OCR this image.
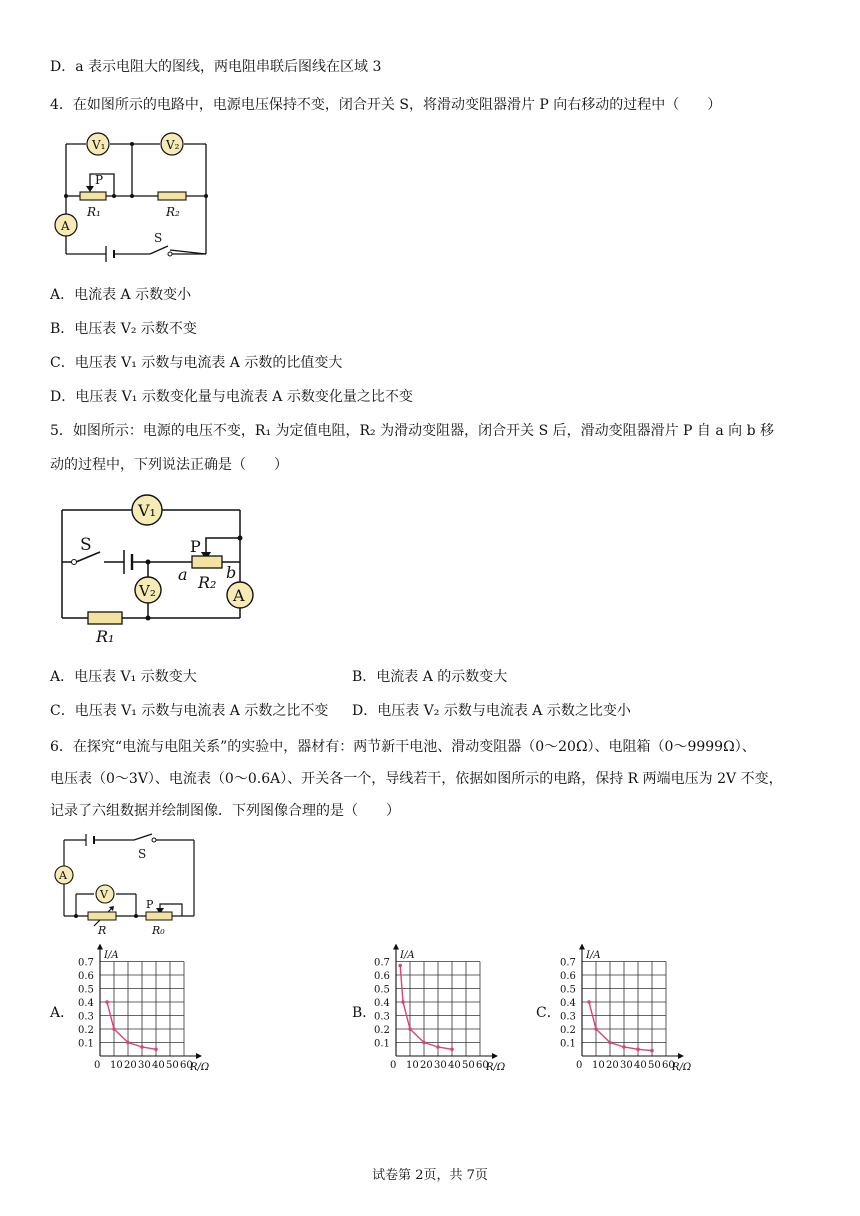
D．a 表示电阻大的图线，两电阻串联后图线在区域 3
4．在如图所示的电路中，电源电压保持不变，闭合开关 S，将滑动变阻器滑片 P 向右移动的过程中（　　）
V₁	V₂
A
P
R₁	R₂
S
A．电流表 A 示数变小
B．电压表 V₂ 示数不变
C．电压表 V₁ 示数与电流表 A 示数的比值变大
D．电压表 V₁ 示数变化量与电流表 A 示数变化量之比不变
5．如图所示：电源的电压不变，R₁ 为定值电阻，R₂ 为滑动变阻器，闭合开关 S 后，滑动变阻器滑片 P 自 a 向 b 移
动的过程中，下列说法正确是（　　）
V₁
V₂	A
S	P
a R₂
b
R₁
A．电压表 V₁ 示数变大	B．电流表 A 的示数变大
C．电压表 V₁ 示数与电流表 A 示数之比不变 D．电压表 V₂ 示数与电流表 A 示数之比变小
6．在探究“电流与电阻关系”的实验中，器材有：两节新干电池、滑动变阻器（0～20Ω）、电阻箱（0～9999Ω）、
电压表（0～3V）、电流表（0～0.6A）、开关各一个，导线若干，依据如图所示的电路，保持 R 两端电压为 2V 不变，
记录了六组数据并绘制图像．下列图像合理的是（　　）
A
V
S
P
R	R₀
A．	B．	C．
0 10 20 30 40 50 60
0.1
0.2
0.3
0.4
0.5
0.6
0.7
I/A
R/Ω	0 10 20 30 40 50 60
0.1
0.2
0.3
0.4
0.5
0.6
0.7
I/A
R/Ω	0 10 20 30 40 50 60
0.1
0.2
0.3
0.4
0.5
0.6
0.7
I/A
R/Ω
试卷第 2页，共 7页
